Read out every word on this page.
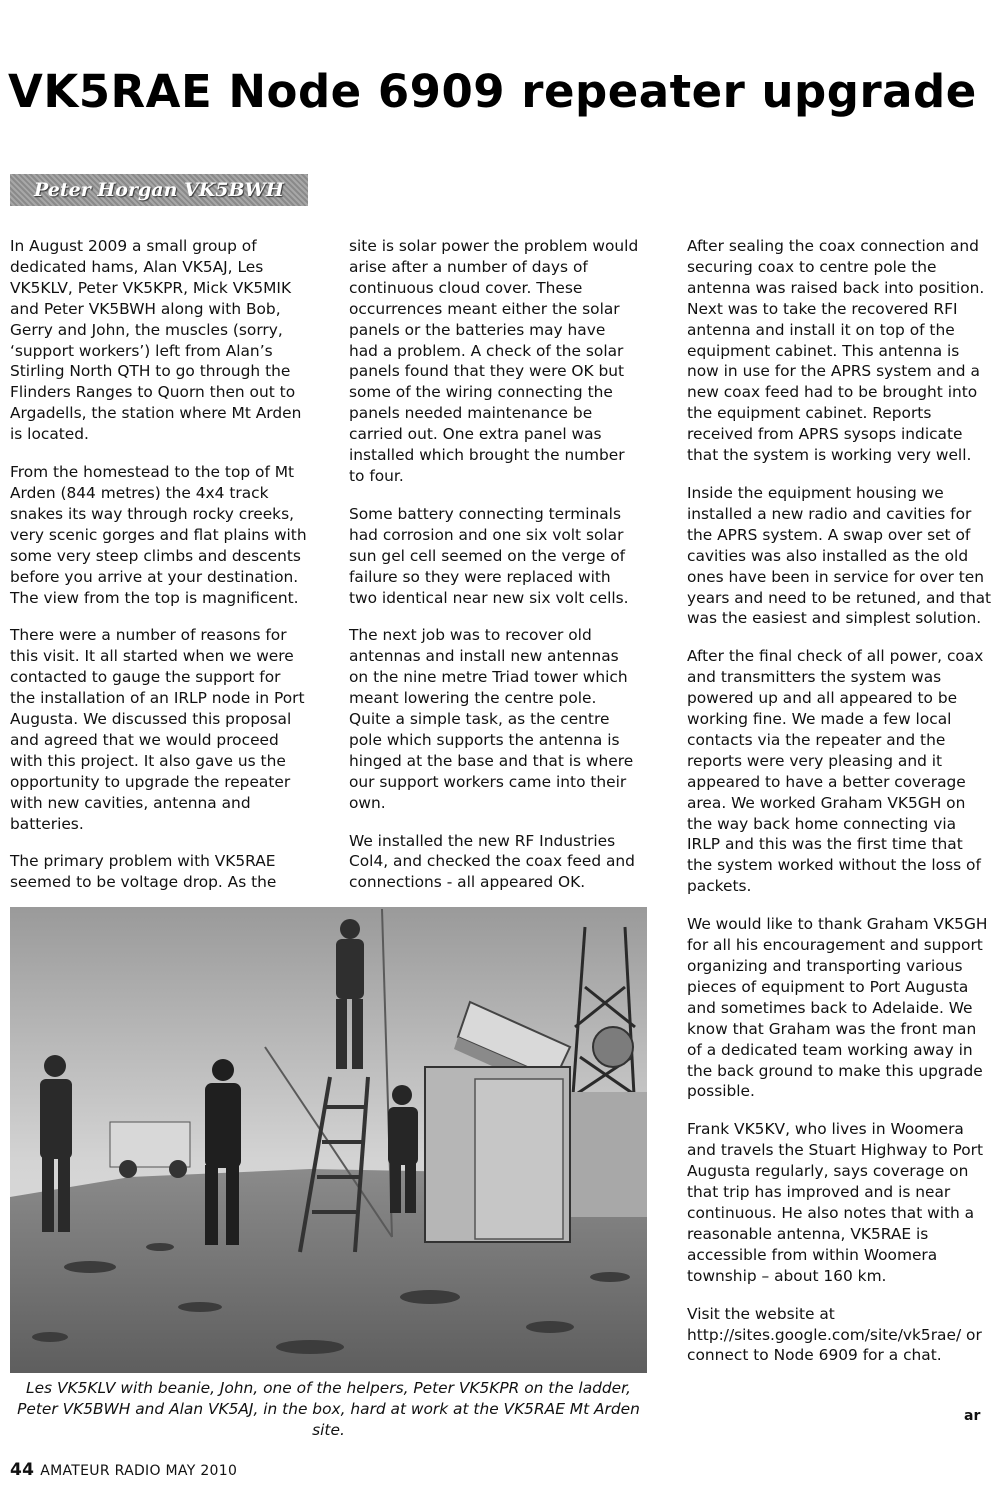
VK5RAE Node 6909 repeater upgrade
Peter Horgan VK5BWH

In August 2009 a small group of dedicated hams, Alan VK5AJ, Les VK5KLV, Peter VK5KPR, Mick VK5MIK and Peter VK5BWH along with Bob, Gerry and John, the muscles (sorry, ‘support workers’) left from Alan’s Stirling North QTH to go through the Flinders Ranges to Quorn then out to Argadells, the station where Mt Arden is located.

From the homestead to the top of Mt Arden (844 metres) the 4x4 track snakes its way through rocky creeks, very scenic gorges and flat plains with some very steep climbs and descents before you arrive at your destination. The view from the top is magnificent.

There were a number of reasons for this visit. It all started when we were contacted to gauge the support for the installation of an IRLP node in Port Augusta. We discussed this proposal and agreed that we would proceed with this project. It also gave us the opportunity to upgrade the repeater with new cavities, antenna and batteries.

The primary problem with VK5RAE seemed to be voltage drop. As the

site is solar power the problem would arise after a number of days of continuous cloud cover. These occurrences meant either the solar panels or the batteries may have had a problem. A check of the solar panels found that they were OK but some of the wiring connecting the panels needed maintenance be carried out. One extra panel was installed which brought the number to four.

Some battery connecting terminals had corrosion and one six volt solar sun gel cell seemed on the verge of failure so they were replaced with two identical near new six volt cells.

The next job was to recover old antennas and install new antennas on the nine metre Triad tower which meant lowering the centre pole. Quite a simple task, as the centre pole which supports the antenna is hinged at the base and that is where our support workers came into their own.

We installed the new RF Industries Col4, and checked the coax feed and connections - all appeared OK.

After sealing the coax connection and securing coax to centre pole the antenna was raised back into position. Next was to take the recovered RFI antenna and install it on top of the equipment cabinet. This antenna is now in use for the APRS system and a new coax feed had to be brought into the equipment cabinet. Reports received from APRS sysops indicate that the system is working very well.

Inside the equipment housing we installed a new radio and cavities for the APRS system. A swap over set of cavities was also installed as the old ones have been in service for over ten years and need to be retuned, and that was the easiest and simplest solution.

After the final check of all power, coax and transmitters the system was powered up and all appeared to be working fine. We made a few local contacts via the repeater and the reports were very pleasing and it appeared to have a better coverage area. We worked Graham VK5GH on the way back home connecting via IRLP and this was the first time that the system worked without the loss of packets.

We would like to thank Graham VK5GH for all his encouragement and support organizing and transporting various pieces of equipment to Port Augusta and sometimes back to Adelaide. We know that Graham was the front man of a dedicated team working away in the back ground to make this upgrade possible.

Frank VK5KV, who lives in Woomera and travels the Stuart Highway to Port Augusta regularly, says coverage on that trip has improved and is near continuous. He also notes that with a reasonable antenna, VK5RAE is accessible from within Woomera township – about 160 km.

Visit the website at http://sites.google.com/site/vk5rae/ or connect to Node 6909 for a chat.

Les VK5KLV with beanie, John, one of the helpers, Peter VK5KPR on the ladder, Peter VK5BWH and Alan VK5AJ, in the box, hard at work at the VK5RAE Mt Arden site.

ar
44 AMATEUR RADIO MAY 2010
